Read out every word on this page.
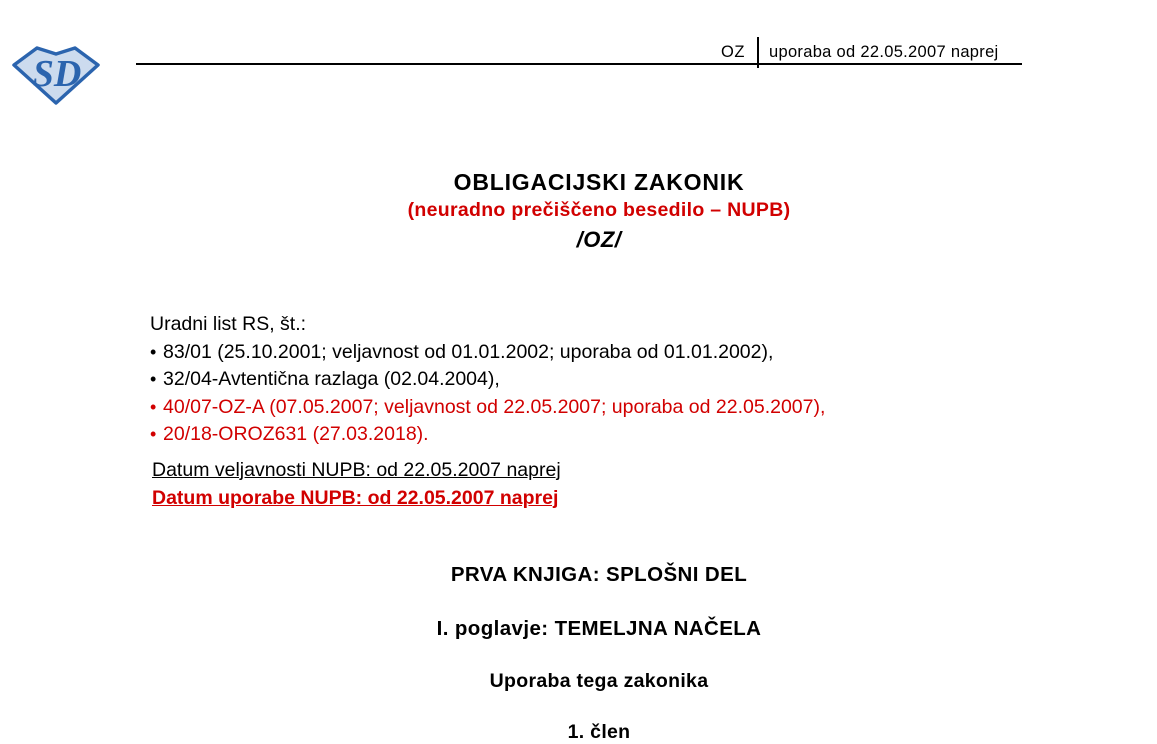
SD
OZ uporaba od 22.05.2007 naprej
OBLIGACIJSKI ZAKONIK
(neuradno prečiščeno besedilo – NUPB)
/OZ/
PRVA KNJIGA: SPLOŠNI DEL
I. poglavje: TEMELJNA NAČELA
Uporaba tega zakonika
1. člen
Uradni list RS, št.:
• 83/01 (25.10.2001; veljavnost od 01.01.2002; uporaba od 01.01.2002),
• 32/04-Avtentična razlaga (02.04.2004),
• 40/07-OZ-A (07.05.2007; veljavnost od 22.05.2007; uporaba od 22.05.2007),
• 20/18-OROZ631 (27.03.2018).
Datum veljavnosti NUPB: od 22.05.2007 naprej
Datum uporabe NUPB: od 22.05.2007 naprej
